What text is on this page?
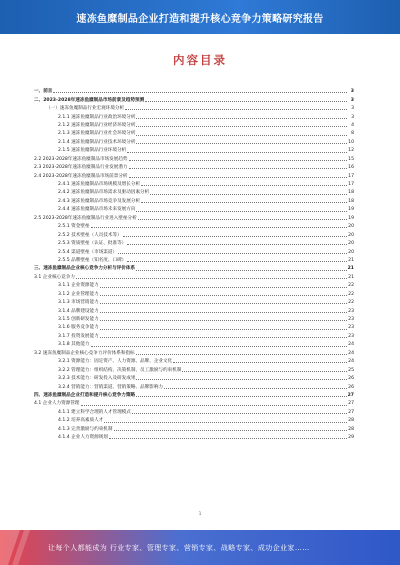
速冻鱼糜制品企业打造和提升核心竞争力策略研究报告
内容目录
一、前言	3
二、2023-2028年速冻鱼糜制品市场前景及趋势预测	3
（一）速冻鱼糜制品行业宏观环境分析	3
2.1.1 速冻鱼糜制品行业政治环境分析	3
2.1.2 速冻鱼糜制品行业经济环境分析	4
2.1.3 速冻鱼糜制品行业社会环境分析	8
2.1.4 速冻鱼糜制品行业技术环境分析	10
2.1.5 速冻鱼糜制品行业环境分析	12
2.2 2023-2028年速冻鱼糜制品市场发展趋势	15
2.3 2023-2028年速冻鱼糜制品行业发展潜力	16
2.4 2023-2028年速冻鱼糜制品市场前景分析	17
2.4.1 速冻鱼糜制品市场规模及增长分析	17
2.4.2 速冻鱼糜制品市场需求及驱动因素分析	18
2.4.3 速冻鱼糜制品市场竞争及发展分析	18
2.4.4 速冻鱼糜制品市场未来发展方向	19
2.5 2023-2028年速冻鱼糜制品行业进入壁垒分析	19
2.5.1 资金壁垒	20
2.5.2 技术壁垒（人员技术等）	20
2.5.3 资质壁垒（认证、批准等）	20
2.5.4 渠道壁垒（市场渠道）	20
2.5.5 品牌壁垒（知名度、口碑）	21
三、速冻鱼糜制品企业核心竞争力分析与评价体系	21
3.1 企业核心竞争力	21
3.1.1 企业资源能力	22
3.1.2 企业管理能力	22
3.1.3 市场营销能力	22
3.1.4 品牌建设能力	23
3.1.5 创新研发能力	23
3.1.6 服务竞争能力	23
3.1.7 投资发展能力	23
3.1.8 其他能力	24
3.2 速冻鱼糜制品企业核心竞争力评价体系和指标	24
3.2.1 资源能力：固定资产、人力资源、品牌、企业文化	24
3.2.2 管理能力：组织结构、决策机制、员工激励与约束机制	25
3.2.3 技术能力：研发投入及研发成果	26
3.2.4 营销能力：营销渠道、营销策略、品牌影响力	26
四、速冻鱼糜制品企业打造和提升核心竞争力策略	27
4.1 企业人力资源管理	27
4.1.1 建立科学合理的人才管理模式	27
4.1.2 培养高素质人才	28
4.1.3 完善激励与约束机制	28
4.1.4 企业人力资源规划	29
1
让每个人都能成为 行业专家、管理专家、营销专家、战略专家、成功企业家……
